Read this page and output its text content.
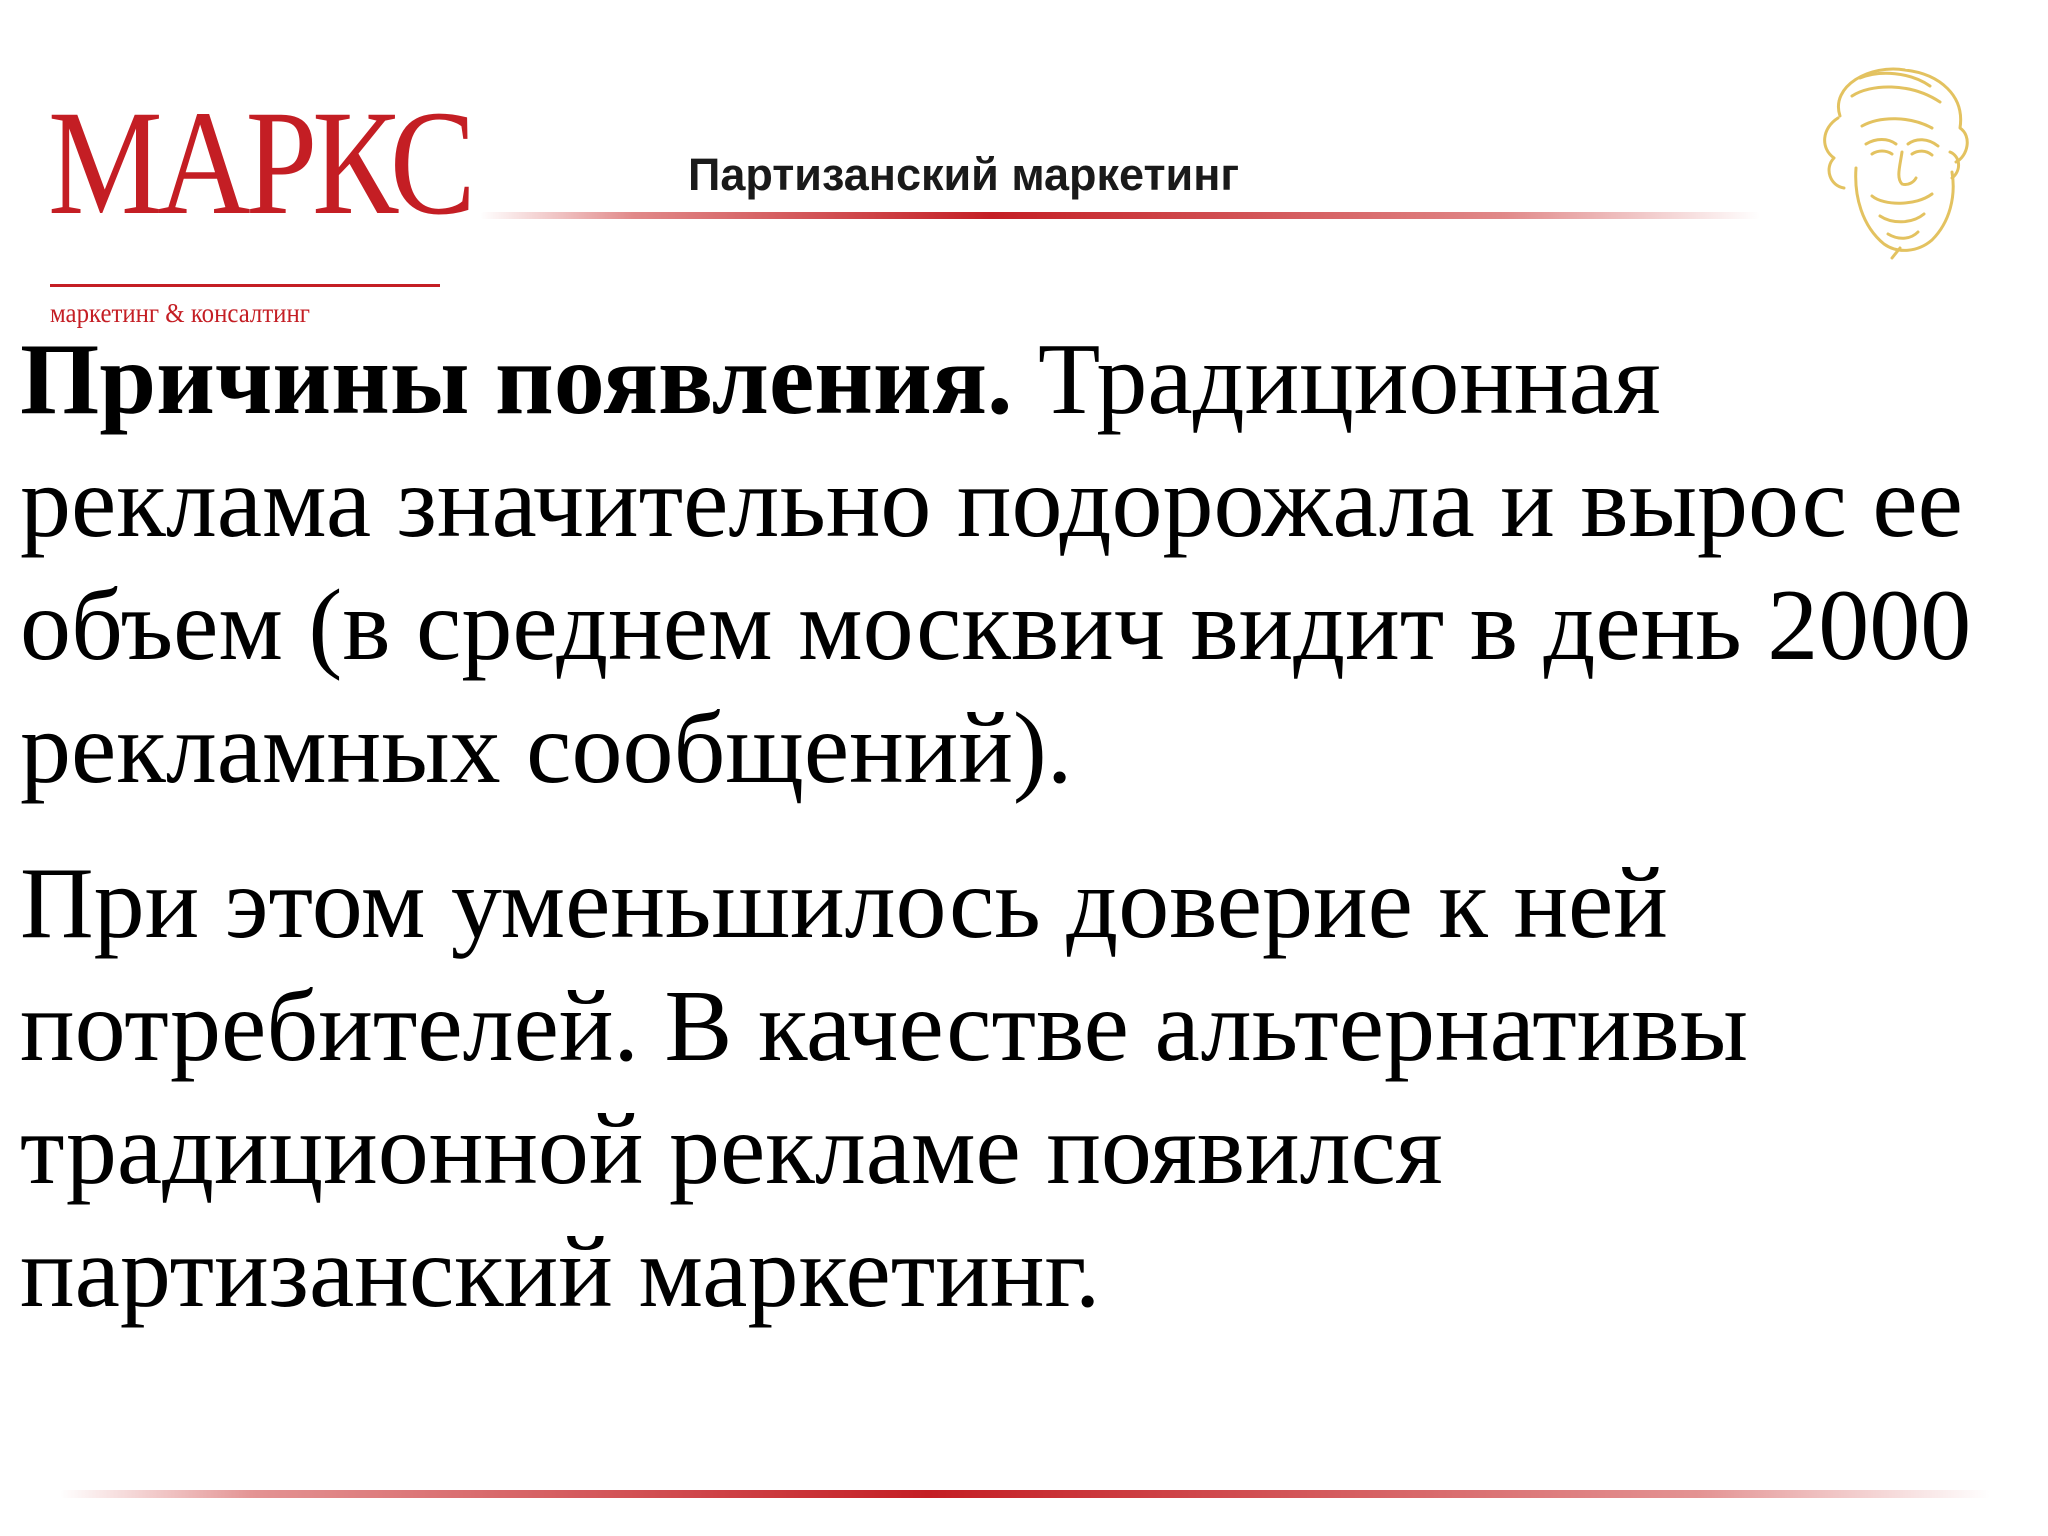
МАРКС
маркетинг & консалтинг
Партизанский маркетинг

Причины появления. Традиционная реклама значительно подорожала и вырос ее объем (в среднем москвич видит в день 2000 рекламных сообщений).

При этом уменьшилось доверие к ней потребителей. В качестве альтернативы традиционной рекламе появился партизанский маркетинг.
